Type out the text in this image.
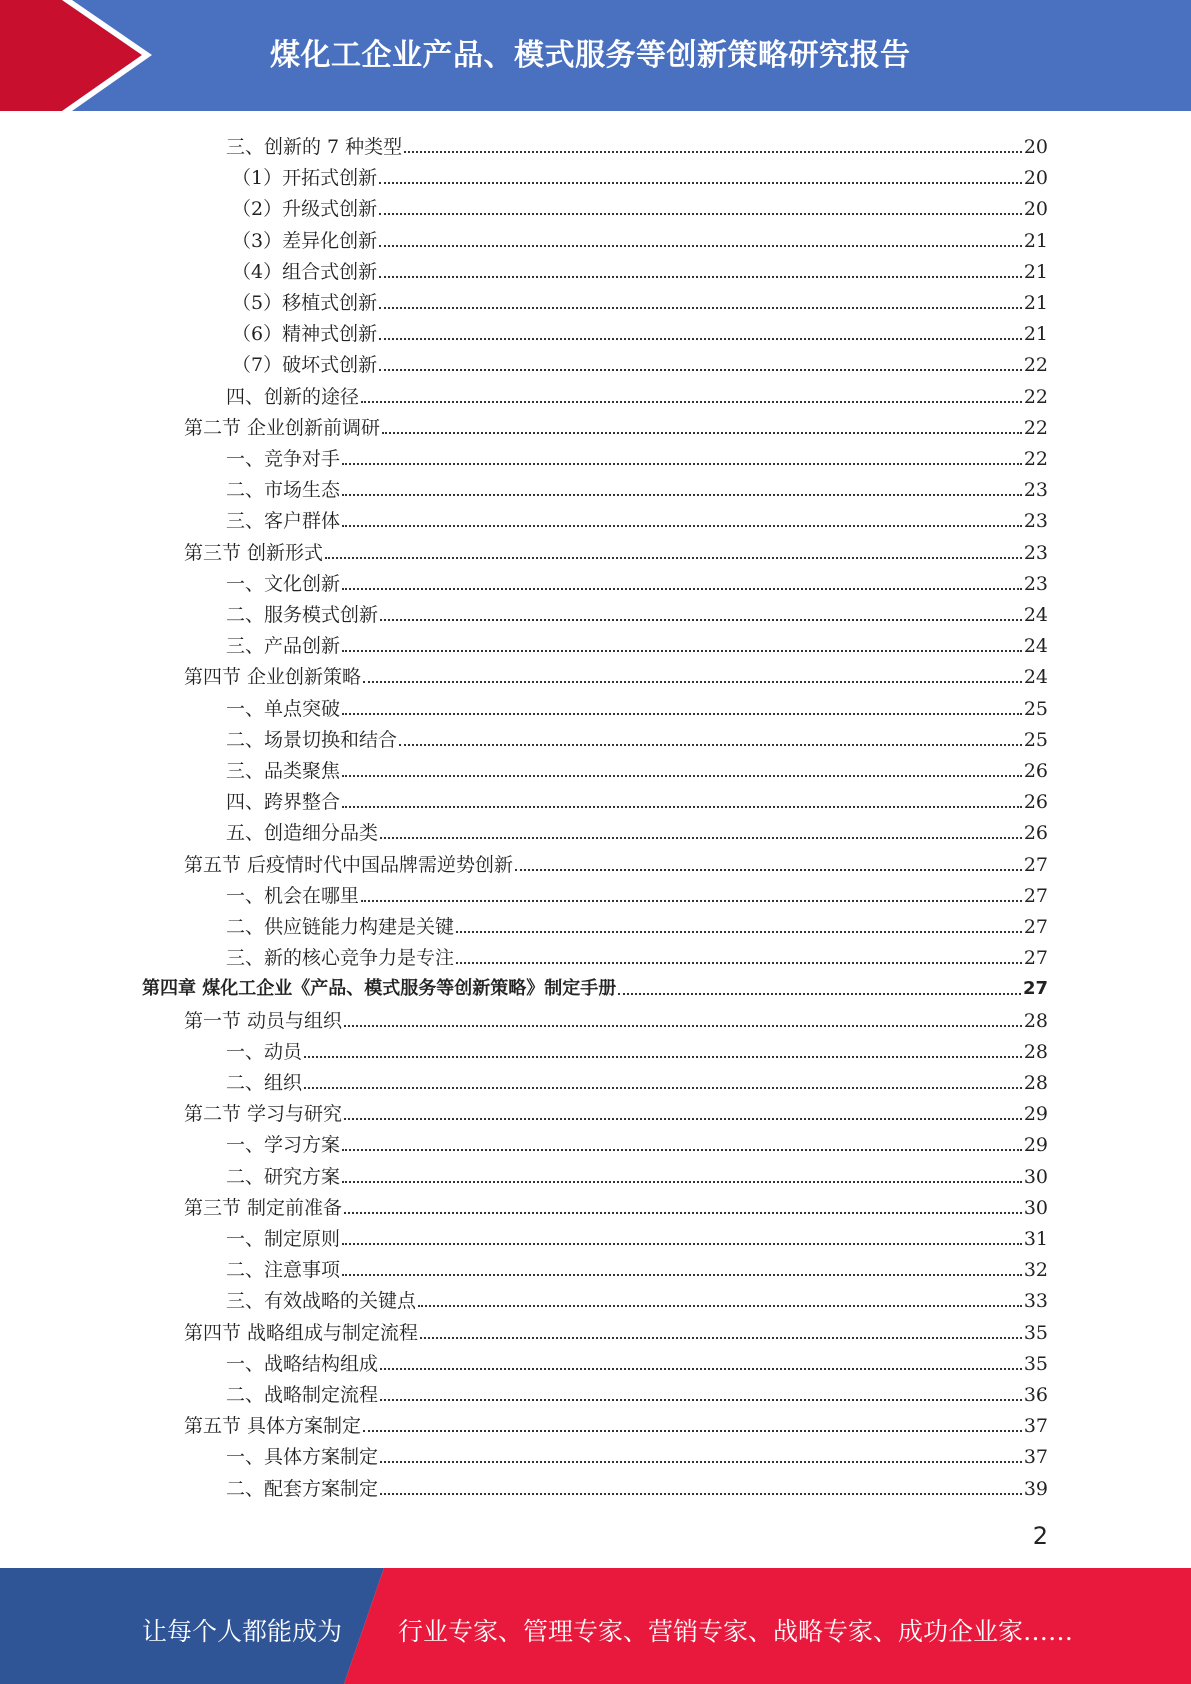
煤化工企业产品、模式服务等创新策略研究报告
三、创新的 7 种类型	20
（1）开拓式创新	20
（2）升级式创新	20
（3）差异化创新	21
（4）组合式创新	21
（5）移植式创新	21
（6）精神式创新	21
（7）破坏式创新	22
四、创新的途径	22
第二节 企业创新前调研	22
一、竞争对手	22
二、市场生态	23
三、客户群体	23
第三节 创新形式	23
一、文化创新	23
二、服务模式创新	24
三、产品创新	24
第四节 企业创新策略	24
一、单点突破	25
二、场景切换和结合	25
三、品类聚焦	26
四、跨界整合	26
五、创造细分品类	26
第五节 后疫情时代中国品牌需逆势创新	27
一、机会在哪里	27
二、供应链能力构建是关键	27
三、新的核心竞争力是专注	27
第四章 煤化工企业《产品、模式服务等创新策略》制定手册	27
第一节 动员与组织	28
一、动员	28
二、组织	28
第二节 学习与研究	29
一、学习方案	29
二、研究方案	30
第三节 制定前准备	30
一、制定原则	31
二、注意事项	32
三、有效战略的关键点	33
第四节 战略组成与制定流程	35
一、战略结构组成	35
二、战略制定流程	36
第五节 具体方案制定	37
一、具体方案制定	37
二、配套方案制定	39
2
让每个人都能成为 行业专家、管理专家、营销专家、战略专家、成功企业家……
